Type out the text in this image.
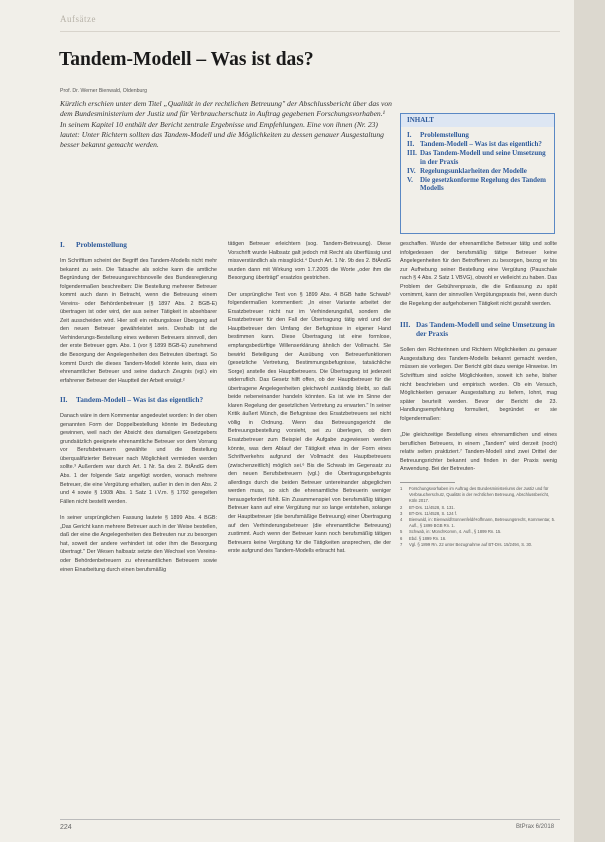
Aufsätze
Tandem-Modell – Was ist das?
Prof. Dr. Werner Bienwald, Oldenburg

Kürzlich erschien unter dem Titel „Qualität in der rechtlichen Betreuung" der Abschlussbericht über das von dem Bundesministerium der Justiz und für Verbraucherschutz in Auftrag gegebenen Forschungsvorhaben.¹ In seinem Kapitel 10 enthält der Bericht zentrale Ergebnisse und Empfehlungen. Eine von ihnen (Nr. 23) lautet: Unter Richtern sollten das Tandem-Modell und die Möglichkeiten zu dessen genauer Ausgestaltung besser bekannt gemacht werden.

INHALT
I.	Problemstellung
II. Tandem-Modell – Was ist das eigentlich?
III. Das Tandem-Modell und seine Umsetzung in der Praxis
IV. Regelungsunklarheiten der Modelle
V.	Die gesetzkonforme Regelung des Tandem Modells
I.	Problemstellung

Im Schrifttum scheint der Begriff des Tandem-Modells nicht mehr bekannt zu sein. Die Tatsache als solche kann die amtliche Begründung der Betreuungsrechtsnovelle des Bundesregierung folgendermaßen beschreiben: Die Bestellung mehrerer Betreuer kommt auch dann in Betracht, wenn die Betreuung einem Vereins- oder Behördenbetreuer (§ 1897 Abs. 2 BGB-E) übertragen ist oder wird, der aus seiner Tätigkeit in absehbarer Zeit ausscheiden wird. Hier soll ein reibungsloser Übergang auf den neuen Betreuer gewährleistet sein. Deshalb ist die Verhinderungs-Bestellung eines weiteren Betreuers sinnvoll, den der erste Betreuer ggm. Abs. 1 (vor § 1899 BGB-E) zunehmend die Besorgung der Angelegenheiten des Betreuten übertragt. So kommt Durch die dieses Tandem-Modell könnte kein, dass ein ehrenamtlicher Betreuer und seine dadurch Zeugnis (vgl.) ein erfahrener Betreuer der Hauptteil der Arbeit erwägt.²

II.	Tandem-Modell – Was ist das eigentlich?

Danach wäre in dem Kommentar angedeutet worden: In der oben genannten Form der Doppelbestellung könnte im Bedeutung gewinnen, weil nach der Absicht des damaligen Gesetzgebers grundsätzlich geeignete ehrenamtliche Betreuer vor dem Vorrang vor Berufsbetreuern gewählte und die Bestellung überqualifizierter Betreuer nach Möglichkeit vermieden werden sollte.³ Außerdem war durch Art. 1 Nr. 5a des 2. BtÄndG dem Abs. 1 der folgende Satz angefügt worden, wonach mehrere Betreuer, die eine Vergütung erhalten, außer in den in den Abs. 2 und 4 sowie § 1908i Abs. 1 Satz 1 i.V.m. § 1792 geregelten Fällen nicht bestellt werden.

In seiner ursprünglichen Fassung lautete § 1899 Abs. 4 BGB: „Das Gericht kann mehrere Betreuer auch in der Weise bestellen, daß der eine die Angelegenheiten des Betreuten nur zu besorgen hat, soweit der andere verhindert ist oder ihm die Besorgung übertragt." Der Wesen halbsatz setzte den Wechsel von Vereins- oder Behördenbetreuern zu ehrenamtlichen Betreuern sowie einen Einarbeitung durch einen berufsmäßig

tätigen Betreuer erleichtern (sog. Tandem-Betreuung). Diese Vorschrift wurde Halbsatz galt jedoch mit Recht als überflüssig und missverständlich als missglückt.⁴ Durch Art. 1 Nr. 9b des 2. BtÄndG wurden dann mit Wirkung vom 1.7.2005 die Worte „oder ihm die Besorgung überträgt" ersatzlos gestrichen.

Der ursprüngliche Text von § 1899 Abs. 4 BGB hatte Schwab⁵ folgendermaßen kommentiert: „In einer Variante arbeitet der Ersatzbetreuer nicht nur im Verhinderungsfall, sondern die Ersatzbetreuer für den Fall der Übertragung tätig wird und der Hauptbetreuer den Umfang der Befugnisse in eigener Hand bestimmen kann. Diese Übertragung ist eine formlose, empfangsbedürftige Willenserklärung ähnlich der Vollmacht. Sie bewirkt Beteiligung der Ausübung von Betreuerfunktionen (gesetzliche Vertretung, Bestimmungsbefugnisse, tatsächliche Sorge) anstelle des Hauptbetreuers. Die Übertragung ist jederzeit widerruflich. Das Gesetz hilft offen, ob der Hauptbetreuer für die übertragene Angelegenheiten gleichwohl zuständig bleibt, so daß beide nebeneinander handeln könnten. Es ist wie im Sinne der klaren Regelung der gesetzlichen Vertretung zu erwarten." In seiner Kritik äußert Münch, die Befugnisse des Ersatzbetreuers sei nicht völlig in Ordnung. Wenn das Betreuungsgericht die Betreuungsbestellung vorsieht, sei zu überlegen, ob dem Ersatzbetreuer zum Beispiel die Aufgabe zugewiesen werden könnte, was dem Ablauf der Tätigkeit etwa in der Form eines Schriftverkehrs aufgrund der Vollmacht des Hauptbetreuers (zwischenzeitlich) möglich sei.⁶ Bis die Schwab im Gegensatz zu den neuen Berufsbetreuern (vgl.) die Übertragungsbefugnis allerdings durch die beiden Betreuer untereinander abgeglichen werden muss, so sich die ehrenamtliche Betreuerin weniger herausgefordert fühlt. Ein Zusammenspiel von berufsmäßig tätigen Betreuer kann auf eine Vergütung nur so lange entstehen, solange der Hauptbetreuer (die berufsmäßige Betreuung) einer Übertragung auf den Verhinderungsbetreuer (die ehrenamtliche Betreuung) zustimmt. Auch wenn der Betreuer kann noch berufsmäßig tätigen Betreuers keine Vergütung für die Tätigkeiten ansprechen, die der erste aufgrund des Tandem-Modells erbracht hat.

geschaffen. Wurde der ehrenamtliche Betreuer tätig und sollte infolgedessen der berufsmäßig tätige Betreuer keine Angelegenheiten für den Betroffenen zu besorgen, bezog er bis zur Aufhebung seiner Bestellung eine Vergütung (Pauschale nach § 4 Abs. 2 Satz 1 VBVG), obwohl er vielleicht zu haben. Das Problem der Gebührenpraxis, die die Entlassung zu spät vornimmt, kann der sinnvollen Vergütungspraxis frei, wenn durch die Regelung der aufgehobenen Tätigkeit nicht gezahlt werden.

III. Das Tandem-Modell und seine Umsetzung in der Praxis

Sollen den Richterinnen und Richtern Möglichkeiten zu genauer Ausgestaltung des Tandem-Modells bekannt gemacht werden, müssen sie vorliegen. Der Bericht gibt dazu wenige Hinweise. Im Schrifttum sind solche Möglichkeiten, soweit ich sehe, bisher nicht beschrieben und empirisch worden. Ob ein Versuch, Möglichkeiten genauer Ausgestaltung zu liefern, lohnt, mag später beurteilt werden. Bevor der Bericht die 23. Handlungsempfehlung formuliert, begründet er sie folgendermaßen:

„Die gleichzeitige Bestellung eines ehrenamtlichen und eines beruflichen Betreuers, in einem „Tandem" wird derzeit (noch) relativ selten praktiziert.⁷ Tandem-Modell sind zwei Drittel der Betreuungsrichter bekannt und finden in der Praxis wenig Anwendung. Bei der Betreuten-

1	Forschungsvorhaben im Auftrag des Bundesministeriums der Justiz und für Verbraucherschutz, Qualität in der rechtlichen Betreuung, Abschlussbericht, Köln 2017.
2	BT-Drs. 11/4528, S. 131.
3	BT-Drs. 11/4528, S. 124 f.
4	Bienwald, in: Bienwald/Sonnenfeld/Hoffmann, Betreuungsrecht, Kommentar, 5. Aufl., § 1899 BGB Rn. 1.
5	Schwab, in: MünchKomm, 4. Aufl., § 1899 Rn. 15.
6	Ebd. § 1899 Rn. 16.
7	Vgl. § 1899 Rn. 22 unter Bezugnahme auf BT-Drs. 15/2494, S. 30.
224	BtPrax 6/2018
